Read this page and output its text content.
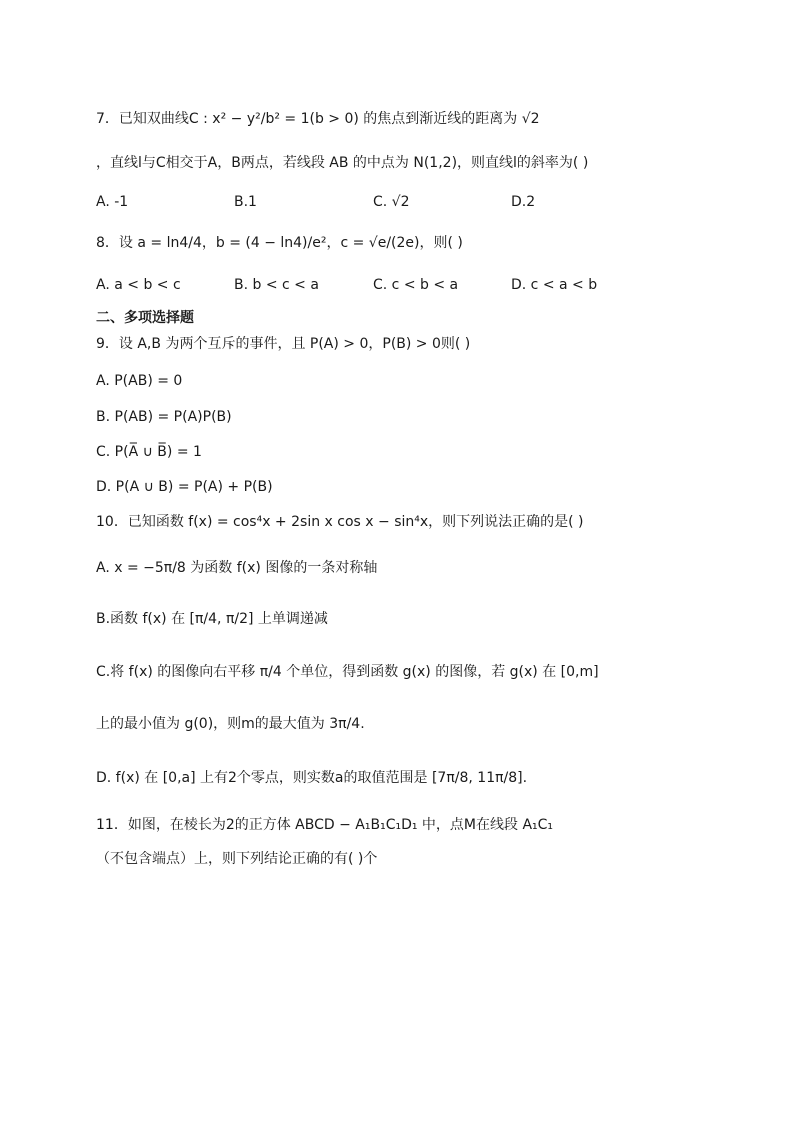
7．已知双曲线C : x² − y²/b² = 1(b > 0) 的焦点到渐近线的距离为 √2
，直线l与C相交于A，B两点，若线段 AB 的中点为 N(1,2)，则直线l的斜率为( )
A. -1	B.1	C. √2	D.2
8．设 a = ln4/4，b = (4 − ln4)/e²，c = √e/(2e)，则( )
A. a < b < c	B. b < c < a	C. c < b < a	D. c < a < b
二、多项选择题
9．设 A,B 为两个互斥的事件，且 P(A) > 0，P(B) > 0则( )
A. P(AB) = 0
B. P(AB) = P(A)P(B)
C. P(A̅ ∪ B̅) = 1
D. P(A ∪ B) = P(A) + P(B)
10．已知函数 f(x) = cos⁴x + 2sin x cos x − sin⁴x，则下列说法正确的是( )
A. x = −5π/8 为函数 f(x) 图像的一条对称轴
B.函数 f(x) 在 [π/4, π/2] 上单调递减
C.将 f(x) 的图像向右平移 π/4 个单位，得到函数 g(x) 的图像，若 g(x) 在 [0,m]
上的最小值为 g(0)，则m的最大值为 3π/4.
D. f(x) 在 [0,a] 上有2个零点，则实数a的取值范围是 [7π/8, 11π/8].
11．如图，在棱长为2的正方体 ABCD − A₁B₁C₁D₁ 中，点M在线段 A₁C₁
（不包含端点）上，则下列结论正确的有( )个
